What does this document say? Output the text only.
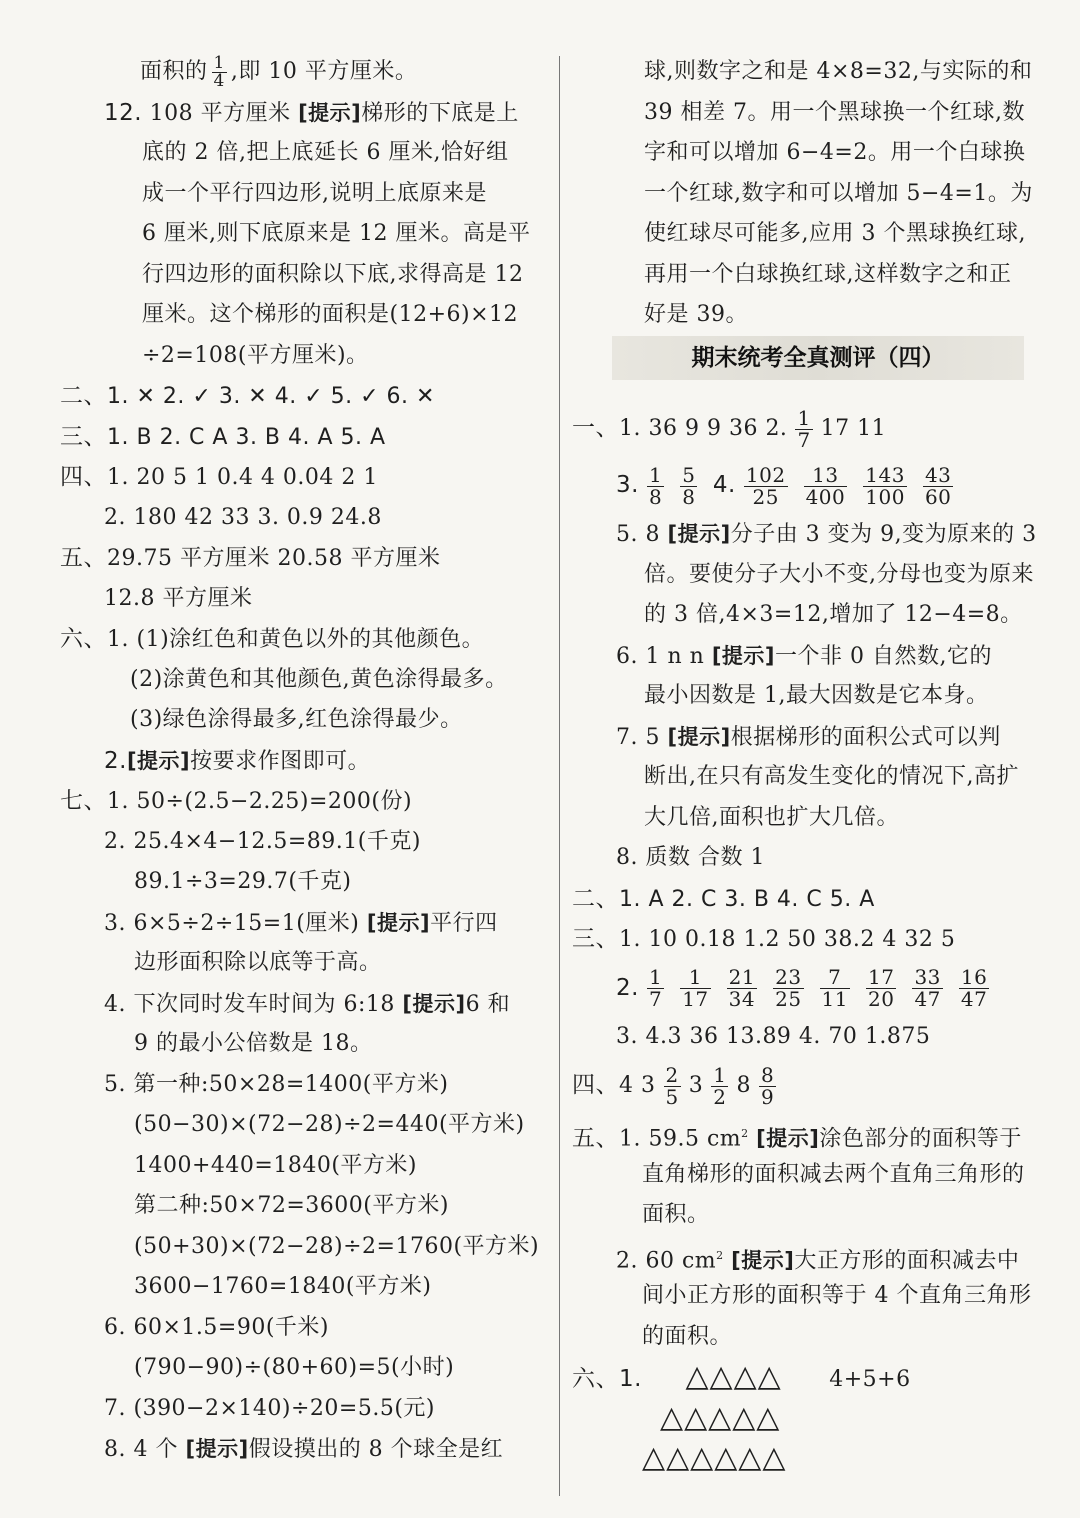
面积的 $\frac{1}{4}$ ,即 10 平方厘米。
12. 108 平方厘米 [提示]梯形的下底是上
底的 2 倍,把上底延长 6 厘米,恰好组
成一个平行四边形,说明上底原来是
6 厘米,则下底原来是 12 厘米。高是平
行四边形的面积除以下底,求得高是 12
厘米。这个梯形的面积是(12+6)×12
÷2=108(平方厘米)。
二、1. ✕ 2. ✓ 3. ✕ 4. ✓ 5. ✓ 6. ✕
三、1. B 2. C A 3. B 4. A 5. A
四、1. 20 5 1 0.4 4 0.04 2 1
2. 180 42 33 3. 0.9 24.8
五、29.75 平方厘米 20.58 平方厘米
12.8 平方厘米
六、1. (1)涂红色和黄色以外的其他颜色。
(2)涂黄色和其他颜色,黄色涂得最多。
(3)绿色涂得最多,红色涂得最少。
2.[提示]按要求作图即可。
七、1. 50÷(2.5−2.25)=200(份)
2. 25.4×4−12.5=89.1(千克)
89.1÷3=29.7(千克)
3. 6×5÷2÷15=1(厘米) [提示]平行四
边形面积除以底等于高。
4. 下次同时发车时间为 6:18 [提示]6 和
9 的最小公倍数是 18。
5. 第一种:50×28=1400(平方米)
(50−30)×(72−28)÷2=440(平方米)
1400+440=1840(平方米)
第二种:50×72=3600(平方米)
(50+30)×(72−28)÷2=1760(平方米)
3600−1760=1840(平方米)
6. 60×1.5=90(千米)
(790−90)÷(80+60)=5(小时)
7. (390−2×140)÷20=5.5(元)
8. 4 个 [提示]假设摸出的 8 个球全是红
球,则数字之和是 4×8=32,与实际的和
39 相差 7。用一个黑球换一个红球,数
字和可以增加 6−4=2。用一个白球换
一个红球,数字和可以增加 5−4=1。为
使红球尽可能多,应用 3 个黑球换红球,
再用一个白球换红球,这样数字之和正
好是 39。
期末统考全真测评（四）
一、1. 36 9 9 36 2. $\frac{1}{7} 17$ 11
3. $\frac{1}{8} \frac{5}{8} 4$. $\frac{102}{25} \frac{13}{400} \frac{143}{100} \frac{43}{60}$
5. 8 [提示]分子由 3 变为 9,变为原来的 3
倍。要使分子大小不变,分母也变为原来
的 3 倍,4×3=12,增加了 12−4=8。
6. 1 n n [提示]一个非 0 自然数,它的
最小因数是 1,最大因数是它本身。
7. 5 [提示]根据梯形的面积公式可以判
断出,在只有高发生变化的情况下,高扩
大几倍,面积也扩大几倍。
8. 质数 合数 1
二、1. A 2. C 3. B 4. C 5. A
三、1. 10 0.18 1.2 50 38.2 4 32 5
2. $\frac{1}{7} \frac{1}{17} \frac{21}{34} \frac{23}{25} \frac{7}{11} \frac{17}{20} \frac{33}{47} \frac{16}{47}$
3. 4.3 36 13.89 4. 70 1.875
四、4 $3 \frac{2}{5} 3 \frac{1}{2} 8 \frac{8}{9}$
五、1. 59.5 $cm^2$ [提示]涂色部分的面积等于
直角梯形的面积减去两个直角三角形的
面积。
2. 60 $cm^2$ [提示]大正方形的面积减去中
间小正方形的面积等于 4 个直角三角形
的面积。
六、1. △△△△ 4+5+6
△△△△△
△△△△△△
